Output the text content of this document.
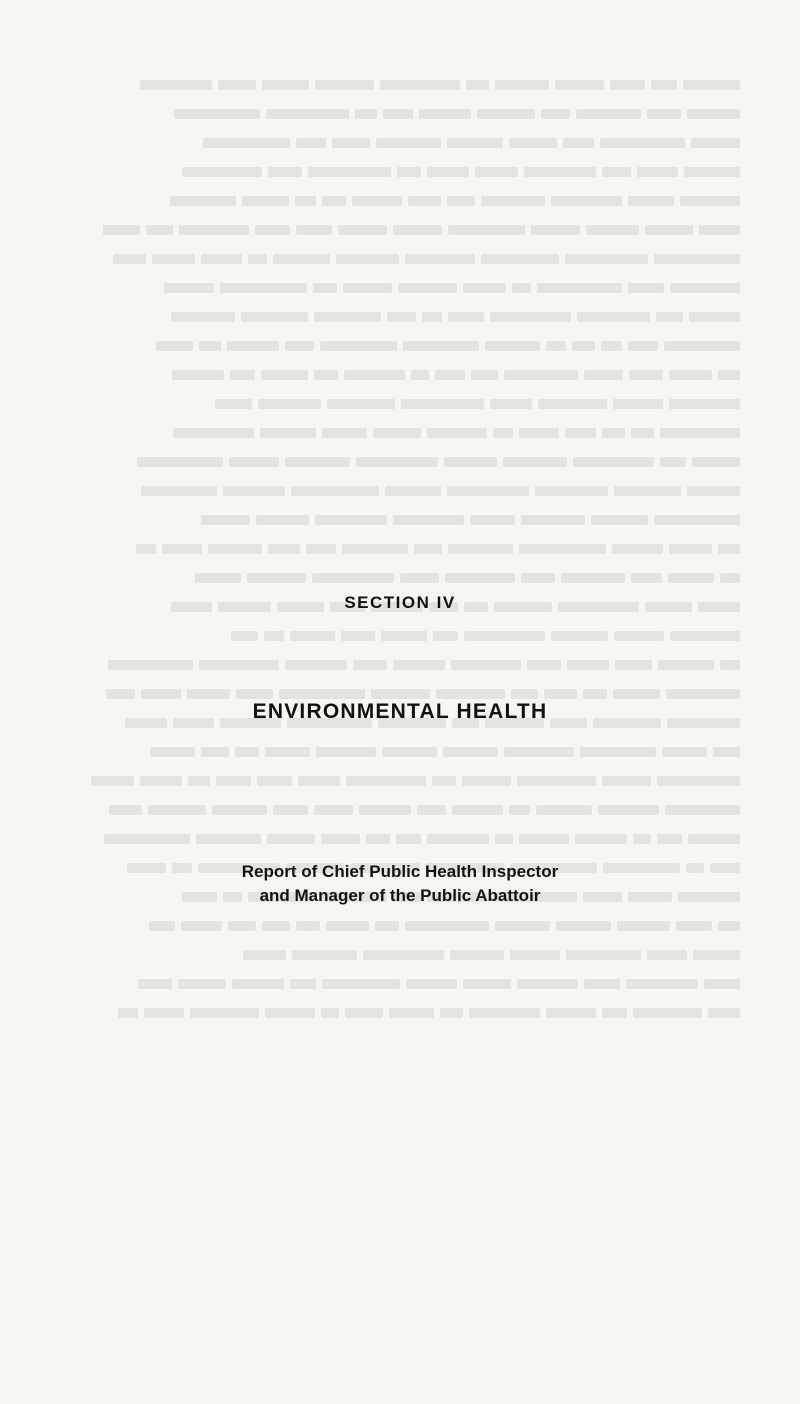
SECTION IV
ENVIRONMENTAL HEALTH
Report of Chief Public Health Inspector
and Manager of the Public Abattoir
